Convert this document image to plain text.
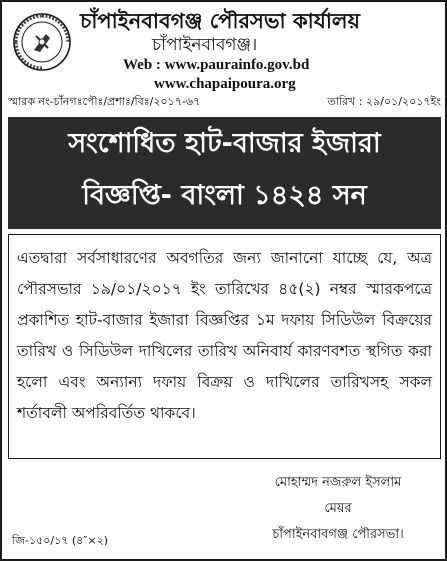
চাঁপাইনবাবগঞ্জ পৌরসভা কার্যালয়
চাঁপাইনবাবগঞ্জ।
Web : www.paurainfo.gov.bd
www.chapaipoura.org
স্মারক নং-চাঁনগঃপৌঃ/প্রশাঃ/বিঃ/২০১৭-৬৭	তারিখ : ২৯/০১/২০১৭ইং
সংশোধিত হাট-বাজার ইজারা
বিজ্ঞপ্তি- বাংলা ১৪২৪ সন

এতদ্বারা সর্বসাধারণের অবগতির জন্য জানানো যাচ্ছে যে, অত্র পৌরসভার ১৯/০১/২০১৭ ইং তারিখের ৪৫(২) নম্বর স্মারকপত্রে প্রকাশিত হাট-বাজার ইজারা বিজ্ঞপ্তির ১ম দফায় সিডিউল বিক্রয়ের তারিখ ও সিডিউল দাখিলের তারিখ অনিবার্য কারণবশত স্থগিত করা হলো এবং অন্যান্য দফায় বিক্রয় ও দাখিলের তারিখসহ সকল শর্তাবলী অপরিবর্তিত থাকবে।

মোহাম্মদ নজরুল ইসলাম
মেয়র
চাঁপাইনবাবগঞ্জ পৌরসভা।
জি-১৫০/১৭ (৪″×২)
